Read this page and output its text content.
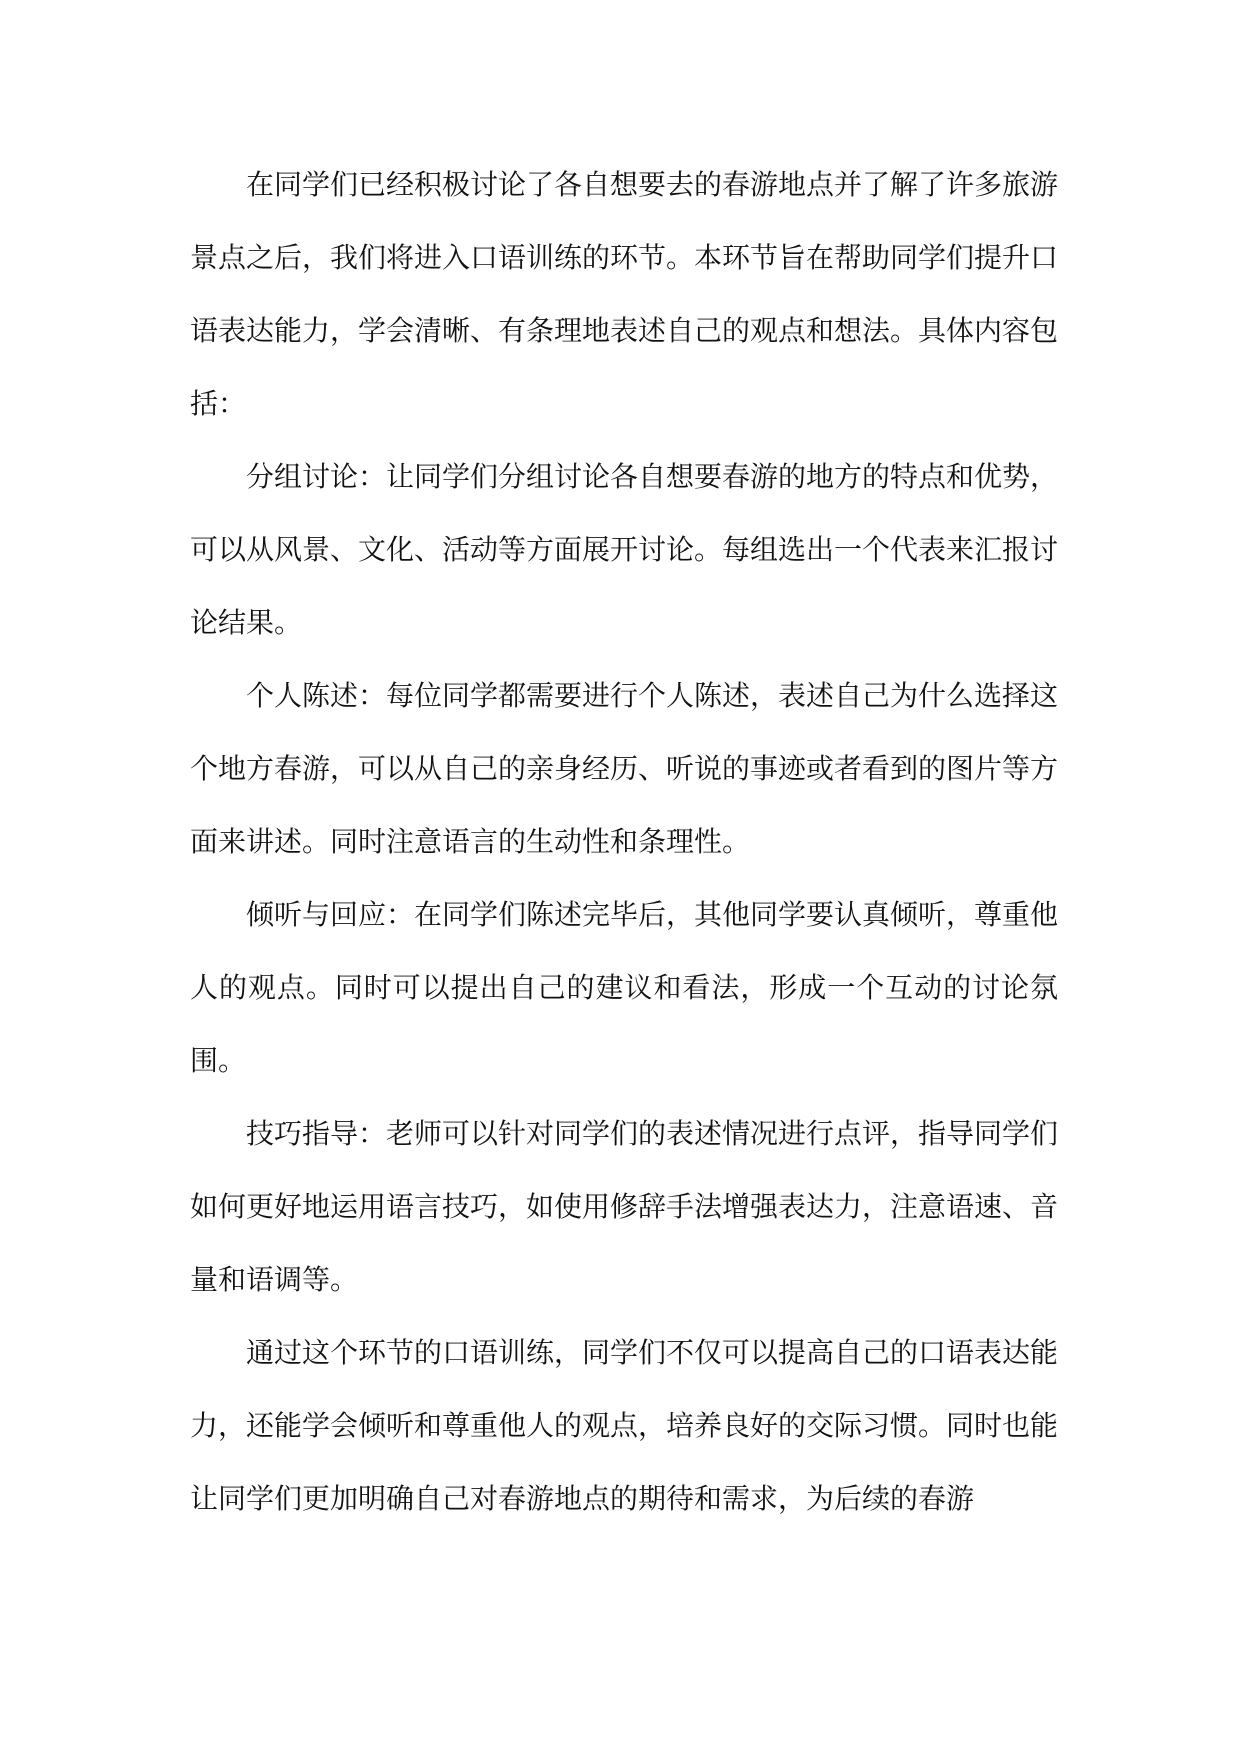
在同学们已经积极讨论了各自想要去的春游地点并了解了许多旅游景点之后，我们将进入口语训练的环节。本环节旨在帮助同学们提升口语表达能力，学会清晰、有条理地表述自己的观点和想法。具体内容包括：

分组讨论：让同学们分组讨论各自想要春游的地方的特点和优势，可以从风景、文化、活动等方面展开讨论。每组选出一个代表来汇报讨论结果。

个人陈述：每位同学都需要进行个人陈述，表述自己为什么选择这个地方春游，可以从自己的亲身经历、听说的事迹或者看到的图片等方面来讲述。同时注意语言的生动性和条理性。

倾听与回应：在同学们陈述完毕后，其他同学要认真倾听，尊重他人的观点。同时可以提出自己的建议和看法，形成一个互动的讨论氛围。

技巧指导：老师可以针对同学们的表述情况进行点评，指导同学们如何更好地运用语言技巧，如使用修辞手法增强表达力，注意语速、音量和语调等。

通过这个环节的口语训练，同学们不仅可以提高自己的口语表达能力，还能学会倾听和尊重他人的观点，培养良好的交际习惯。同时也能让同学们更加明确自己对春游地点的期待和需求，为后续的春游
